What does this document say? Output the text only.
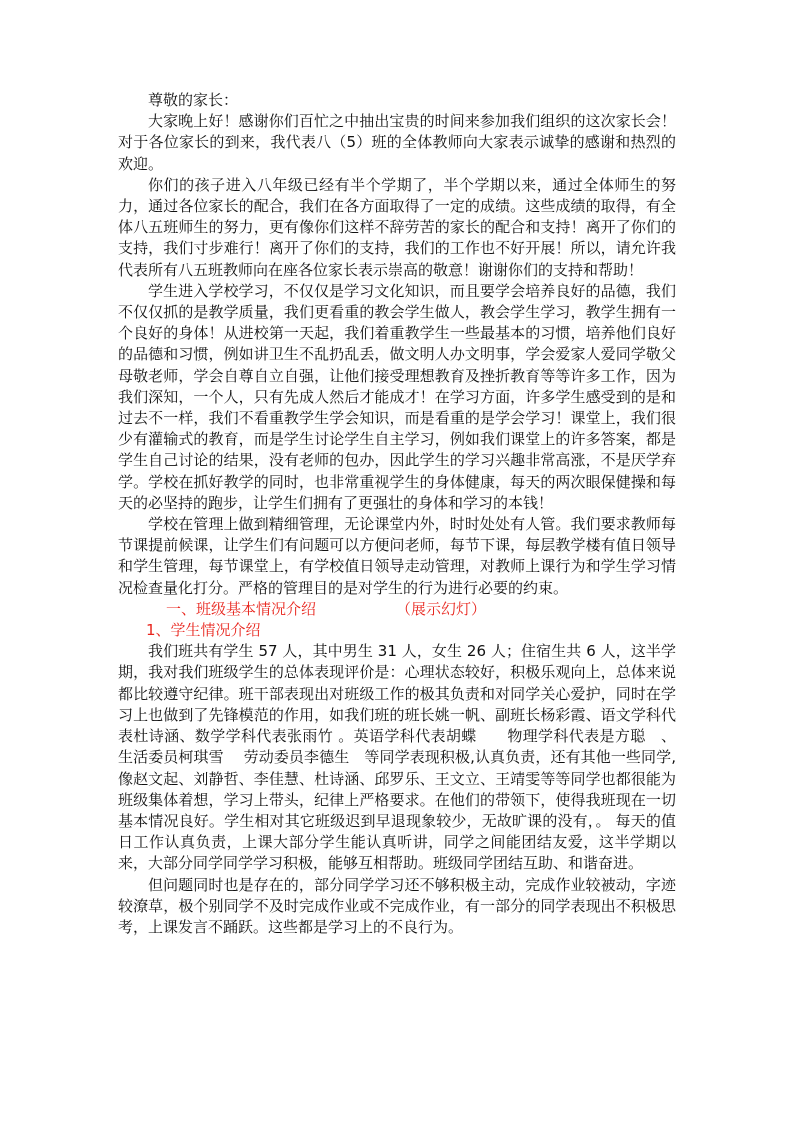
尊敬的家长：

大家晚上好！感谢你们百忙之中抽出宝贵的时间来参加我们组织的这次家长会！对于各位家长的到来，我代表八（5）班的全体教师向大家表示诚挚的感谢和热烈的欢迎。

你们的孩子进入八年级已经有半个学期了，半个学期以来，通过全体师生的努力，通过各位家长的配合，我们在各方面取得了一定的成绩。这些成绩的取得，有全体八五班师生的努力，更有像你们这样不辞劳苦的家长的配合和支持！离开了你们的支持，我们寸步难行！离开了你们的支持，我们的工作也不好开展！所以，请允许我代表所有八五班教师向在座各位家长表示崇高的敬意！谢谢你们的支持和帮助！

学生进入学校学习，不仅仅是学习文化知识，而且要学会培养良好的品德，我们不仅仅抓的是教学质量，我们更看重的教会学生做人，教会学生学习，教学生拥有一个良好的身体！从进校第一天起，我们着重教学生一些最基本的习惯，培养他们良好的品德和习惯，例如讲卫生不乱扔乱丢，做文明人办文明事，学会爱家人爱同学敬父母敬老师，学会自尊自立自强，让他们接受理想教育及挫折教育等等许多工作，因为我们深知，一个人，只有先成人然后才能成才！在学习方面，许多学生感受到的是和过去不一样，我们不看重教学生学会知识，而是看重的是学会学习！课堂上，我们很少有灌输式的教育，而是学生讨论学生自主学习，例如我们课堂上的许多答案，都是学生自己讨论的结果，没有老师的包办，因此学生的学习兴趣非常高涨，不是厌学弃学。学校在抓好教学的同时，也非常重视学生的身体健康，每天的两次眼保健操和每天的必坚持的跑步，让学生们拥有了更强壮的身体和学习的本钱！

学校在管理上做到精细管理，无论课堂内外，时时处处有人管。我们要求教师每节课提前候课，让学生们有问题可以方便问老师，每节下课，每层教学楼有值日领导和学生管理，每节课堂上，有学校值日领导走动管理，对教师上课行为和学生学习情况检查量化打分。严格的管理目的是对学生的行为进行必要的约束。

一、班级基本情况介绍	（展示幻灯）

1、学生情况介绍

我们班共有学生 57 人，其中男生 31 人，女生 26 人；住宿生共 6 人，这半学期，我对我们班级学生的总体表现评价是：心理状态较好，积极乐观向上，总体来说都比较遵守纪律。班干部表现出对班级工作的极其负责和对同学关心爱护，同时在学习上也做到了先锋模范的作用，如我们班的班长姚一帆、副班长杨彩霞、语文学科代表杜诗涵、数学学科代表张雨竹 。英语学科代表胡蝶　　物理学科代表是方聪　、生活委员柯琪雪　 劳动委员李德生　等同学表现积极,认真负责，还有其他一些同学,像赵文起、刘静哲、李佳慧、杜诗涵、邱罗乐、王文立、王靖雯等等同学也都很能为班级集体着想，学习上带头，纪律上严格要求。在他们的带领下，使得我班现在一切基本情况良好。学生相对其它班级迟到早退现象较少，无故旷课的没有，。 每天的值日工作认真负责，上课大部分学生能认真听讲，同学之间能团结友爱，这半学期以来，大部分同学同学学习积极，能够互相帮助。班级同学团结互助、和谐奋进。

但问题同时也是存在的，部分同学学习还不够积极主动，完成作业较被动，字迹较潦草，极个别同学不及时完成作业或不完成作业，有一部分的同学表现出不积极思考，上课发言不踊跃。这些都是学习上的不良行为。
